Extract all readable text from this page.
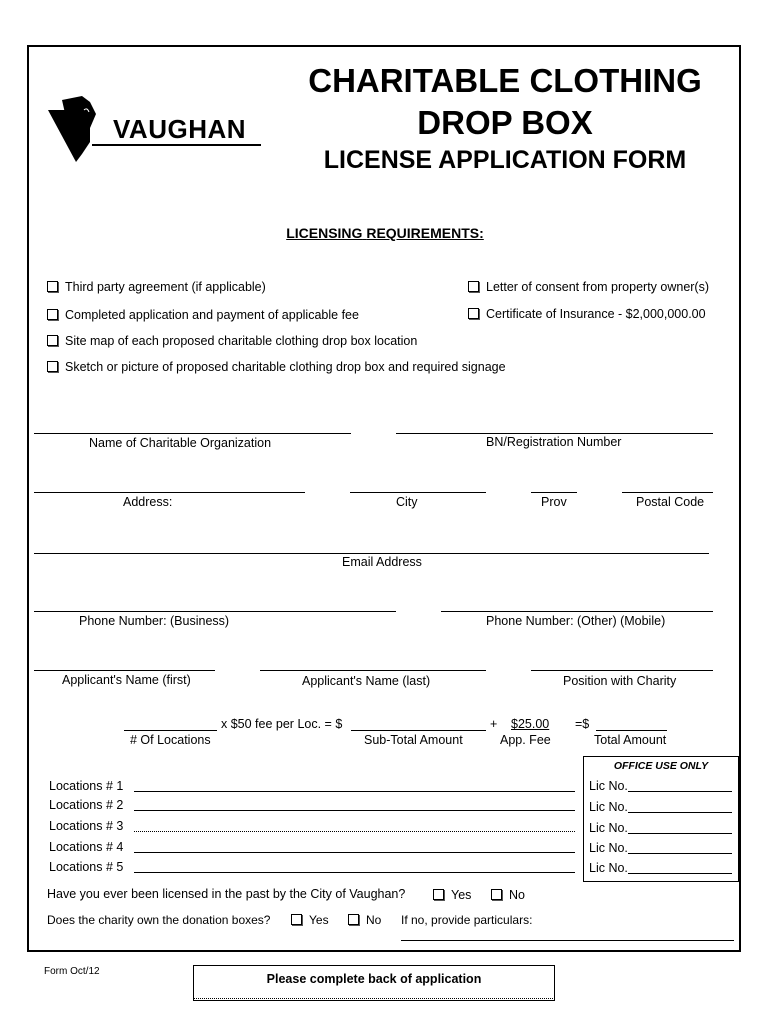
VAUGHAN
CHARITABLE CLOTHING
DROP BOX
LICENSE APPLICATION FORM
LICENSING REQUIREMENTS:
Third party agreement (if applicable)	Letter of consent from property owner(s)
Completed application and payment of applicable fee	Certificate of Insurance - $2,000,000.00
Site map of each proposed charitable clothing drop box location
Sketch or picture of proposed charitable clothing drop box and required signage
Name of Charitable Organization	BN/Registration Number
Address:	City	Prov	Postal Code
Email Address
Phone Number: (Business)	Phone Number: (Other) (Mobile)
Applicant's Name (first)	Applicant's Name (last)	Position with Charity
x $50 fee per Loc. = $	+ $25.00 =$
# Of Locations	Sub-Total Amount	App. Fee	Total Amount
Locations # 1
Locations # 2
Locations # 3
Locations # 4
Locations # 5
OFFICE USE ONLY
Lic No.
Lic No.
Lic No.
Lic No.
Lic No.
Have you ever been licensed in the past by the City of Vaughan?	Yes	No
Does the charity own the donation boxes?	Yes	No If no, provide particulars:
Form Oct/12
Please complete back of application
